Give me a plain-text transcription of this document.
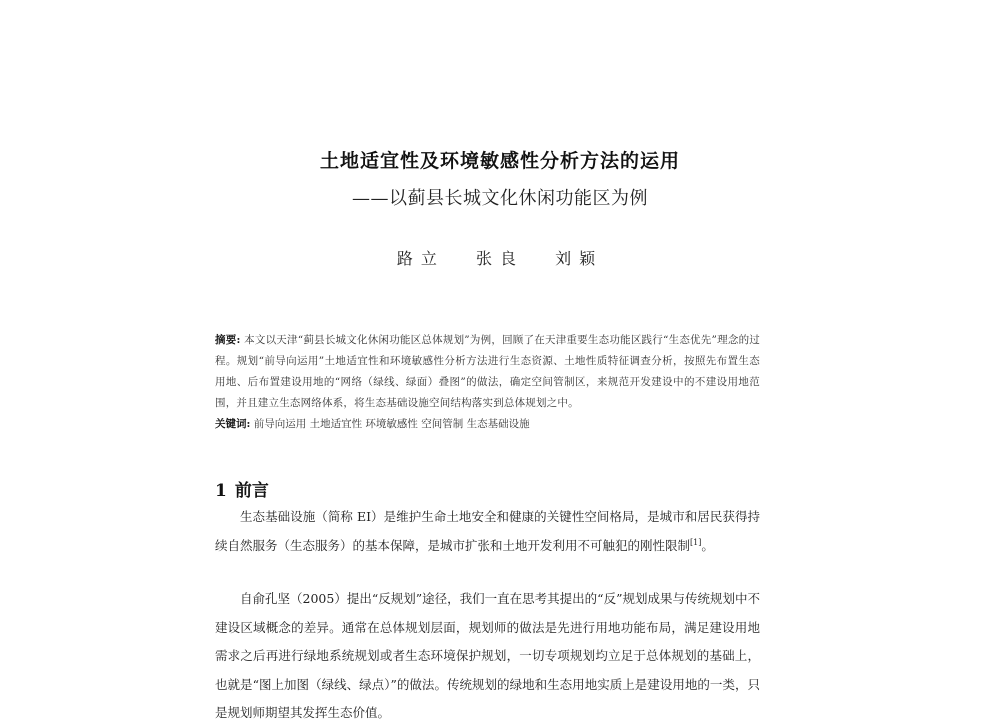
土地适宜性及环境敏感性分析方法的运用
——以蓟县长城文化休闲功能区为例
路立 张良 刘颖
摘要: 本文以天津“蓟县长城文化休闲功能区总体规划”为例，回顾了在天津重要生态功能区践行“生态优先”理念的过程。规划“前导向运用”土地适宜性和环境敏感性分析方法进行生态资源、土地性质特征调查分析，按照先布置生态用地、后布置建设用地的“网络（绿线、绿面）叠图”的做法，确定空间管制区，来规范开发建设中的不建设用地范围，并且建立生态网络体系，将生态基础设施空间结构落实到总体规划之中。
关键词: 前导向运用 土地适宜性 环境敏感性 空间管制 生态基础设施
1 前言
生态基础设施（简称 EI）是维护生命土地安全和健康的关键性空间格局，是城市和居民获得持续自然服务（生态服务）的基本保障，是城市扩张和土地开发利用不可触犯的刚性限制[1]。
自俞孔坚（2005）提出“反规划”途径，我们一直在思考其提出的“反”规划成果与传统规划中不建设区域概念的差异。通常在总体规划层面，规划师的做法是先进行用地功能布局，满足建设用地需求之后再进行绿地系统规划或者生态环境保护规划，一切专项规划均立足于总体规划的基础上，也就是“图上加图（绿线、绿点）”的做法。传统规划的绿地和生态用地实质上是建设用地的一类，只是规划师期望其发挥生态价值。
